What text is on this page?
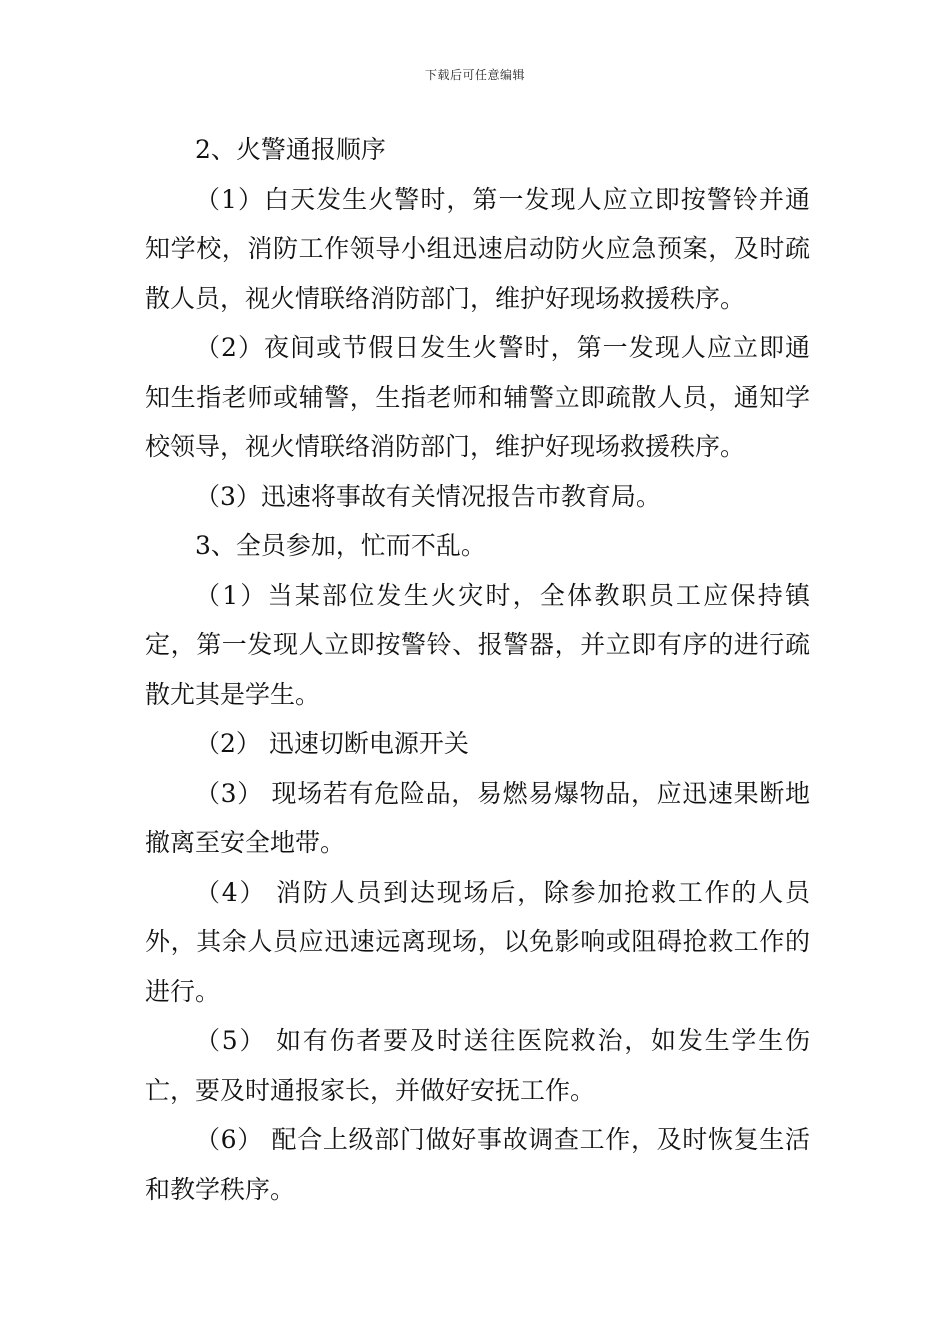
下载后可任意编辑

2、火警通报顺序

（1）白天发生火警时，第一发现人应立即按警铃并通知学校，消防工作领导小组迅速启动防火应急预案，及时疏散人员，视火情联络消防部门，维护好现场救援秩序。

（2）夜间或节假日发生火警时，第一发现人应立即通知生指老师或辅警，生指老师和辅警立即疏散人员，通知学校领导，视火情联络消防部门，维护好现场救援秩序。

（3）迅速将事故有关情况报告市教育局。

3、全员参加，忙而不乱。

（1）当某部位发生火灾时，全体教职员工应保持镇定，第一发现人立即按警铃、报警器，并立即有序的进行疏散尤其是学生。

（2） 迅速切断电源开关

（3） 现场若有危险品，易燃易爆物品，应迅速果断地撤离至安全地带。

（4） 消防人员到达现场后，除参加抢救工作的人员外，其余人员应迅速远离现场，以免影响或阻碍抢救工作的进行。

（5） 如有伤者要及时送往医院救治，如发生学生伤亡，要及时通报家长，并做好安抚工作。

（6） 配合上级部门做好事故调查工作，及时恢复生活和教学秩序。
